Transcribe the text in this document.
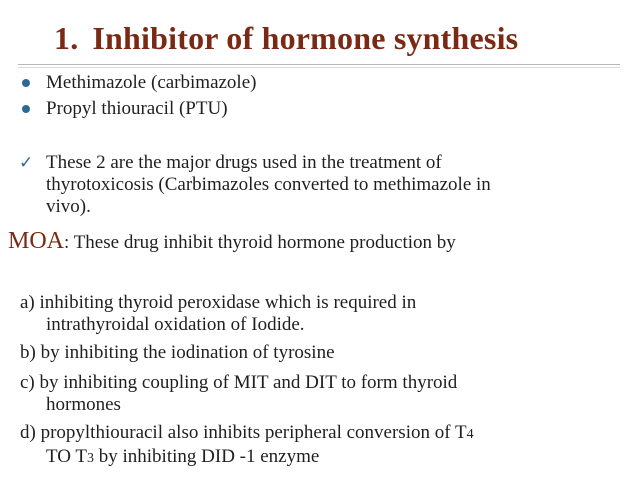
1. Inhibitor of hormone synthesis
Methimazole (carbimazole)
Propyl thiouracil (PTU)
✓ These 2 are the major drugs used in the treatment of
thyrotoxicosis (Carbimazoles converted to methimazole in
vivo).
MOA: These drug inhibit thyroid hormone production by
a) inhibiting thyroid peroxidase which is required in
intrathyroidal oxidation of Iodide.
b) by inhibiting the iodination of tyrosine
c) by inhibiting coupling of MIT and DIT to form thyroid
hormones
d) propylthiouracil also inhibits peripheral conversion of T4
TO T3 by inhibiting DID -1 enzyme
